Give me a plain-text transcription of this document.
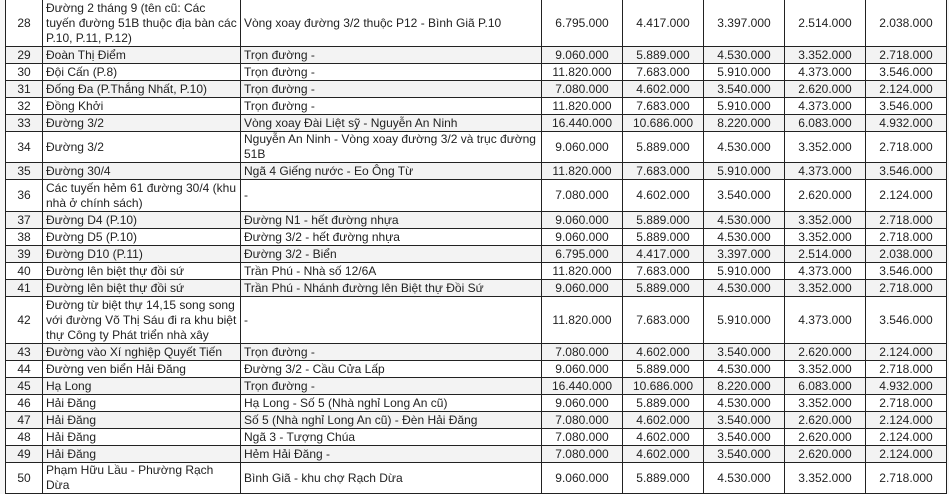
28	Đường 2 tháng 9 (tên cũ: Các tuyến đường 51B thuộc địa bàn các P.10, P.11, P.12)	Vòng xoay đường 3/2 thuộc P12 - Bình Giã P.10	6.795.000	4.417.000	3.397.000	2.514.000	2.038.000
29	Đoàn Thị Điểm	Trọn đường -	9.060.000	5.889.000	4.530.000	3.352.000	2.718.000
30	Đội Cấn (P.8)	Trọn đường -	11.820.000	7.683.000	5.910.000	4.373.000	3.546.000
31	Đống Đa (P.Thắng Nhất, P.10)	Trọn đường -	7.080.000	4.602.000	3.540.000	2.620.000	2.124.000
32	Đồng Khởi	Trọn đường -	11.820.000	7.683.000	5.910.000	4.373.000	3.546.000
33	Đường 3/2	Vòng xoay Đài Liệt sỹ - Nguyễn An Ninh	16.440.000	10.686.000	8.220.000	6.083.000	4.932.000
34	Đường 3/2	Nguyễn An Ninh - Vòng xoay đường 3/2 và trục đường 51B	9.060.000	5.889.000	4.530.000	3.352.000	2.718.000
35	Đường 30/4	Ngã 4 Giếng nước - Eo Ông Từ	11.820.000	7.683.000	5.910.000	4.373.000	3.546.000
36	Các tuyến hẻm 61 đường 30/4 (khu nhà ở chính sách)	-	7.080.000	4.602.000	3.540.000	2.620.000	2.124.000
37	Đường D4 (P.10)	Đường N1 - hết đường nhựa	9.060.000	5.889.000	4.530.000	3.352.000	2.718.000
38	Đường D5 (P.10)	Đường 3/2 - hết đường nhựa	9.060.000	5.889.000	4.530.000	3.352.000	2.718.000
39	Đường D10 (P.11)	Đường 3/2 - Biển	6.795.000	4.417.000	3.397.000	2.514.000	2.038.000
40	Đường lên biệt thự đồi sứ	Trần Phú - Nhà số 12/6A	11.820.000	7.683.000	5.910.000	4.373.000	3.546.000
41	Đường lên biệt thự đồi sứ	Trần Phú - Nhánh đường lên Biệt thự Đồi Sứ	9.060.000	5.889.000	4.530.000	3.352.000	2.718.000
42	Đường từ biệt thự 14,15 song song với đường Võ Thị Sáu đi ra khu biệt thự Công ty Phát triển nhà xây	-	11.820.000	7.683.000	5.910.000	4.373.000	3.546.000
43	Đường vào Xí nghiệp Quyết Tiến	Trọn đường -	7.080.000	4.602.000	3.540.000	2.620.000	2.124.000
44	Đường ven biển Hải Đăng	Đường 3/2 - Cầu Cửa Lấp	9.060.000	5.889.000	4.530.000	3.352.000	2.718.000
45	Hạ Long	Trọn đường -	16.440.000	10.686.000	8.220.000	6.083.000	4.932.000
46	Hải Đăng	Hạ Long - Số 5 (Nhà nghỉ Long An cũ)	9.060.000	5.889.000	4.530.000	3.352.000	2.718.000
47	Hải Đăng	Số 5 (Nhà nghỉ Long An cũ) - Đèn Hải Đăng	7.080.000	4.602.000	3.540.000	2.620.000	2.124.000
48	Hải Đăng	Ngã 3 - Tượng Chúa	7.080.000	4.602.000	3.540.000	2.620.000	2.124.000
49	Hải Đăng	Hẻm Hải Đăng -	7.080.000	4.602.000	3.540.000	2.620.000	2.124.000
50	Phạm Hữu Lầu - Phường Rạch Dừa	Bình Giã - khu chợ Rạch Dừa	9.060.000	5.889.000	4.530.000	3.352.000	2.718.000
